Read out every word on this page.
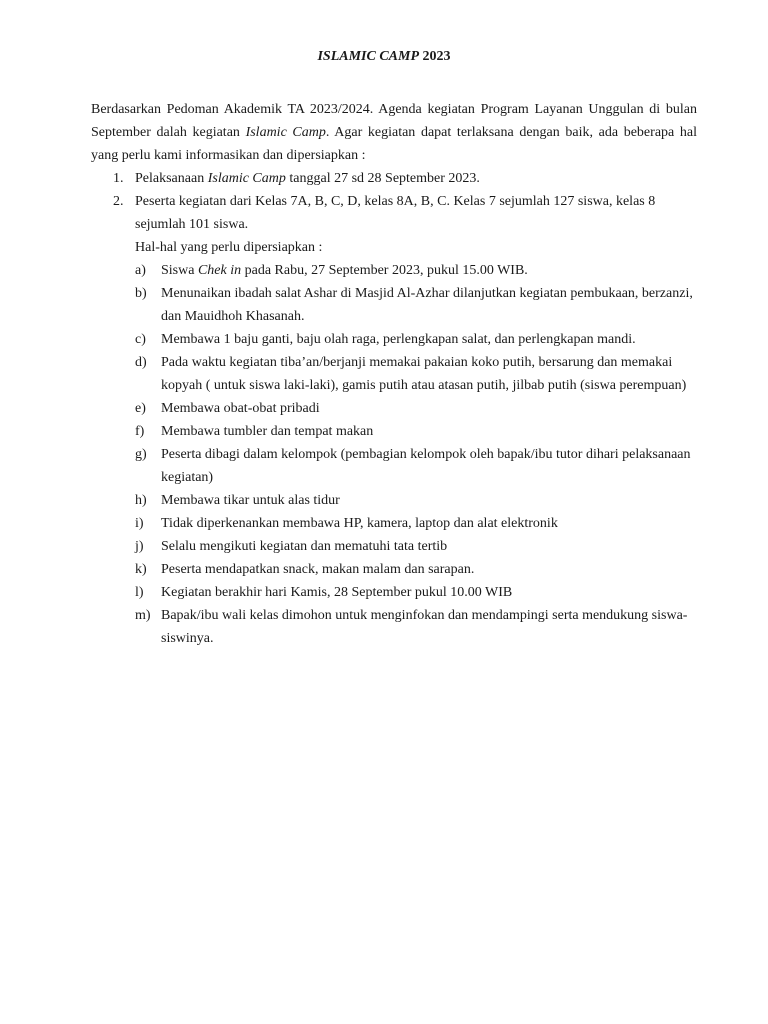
ISLAMIC CAMP 2023
Berdasarkan Pedoman Akademik TA 2023/2024. Agenda kegiatan Program Layanan Unggulan di bulan September dalah kegiatan Islamic Camp. Agar kegiatan dapat terlaksana dengan baik, ada beberapa hal yang perlu kami informasikan dan dipersiapkan :
1. Pelaksanaan Islamic Camp tanggal 27 sd 28 September 2023.
2. Peserta kegiatan dari Kelas 7A, B, C, D, kelas 8A, B, C. Kelas 7 sejumlah 127 siswa, kelas 8 sejumlah 101 siswa.
Hal-hal yang perlu dipersiapkan :
a)	Siswa Chek in pada Rabu, 27 September 2023, pukul 15.00 WIB.
b)	Menunaikan ibadah salat Ashar di Masjid Al-Azhar dilanjutkan kegiatan pembukaan, berzanzi, dan Mauidhoh Khasanah.
c)	Membawa 1 baju ganti, baju olah raga, perlengkapan salat, dan perlengkapan mandi.
d)	Pada waktu kegiatan tiba’an/berjanji memakai pakaian koko putih, bersarung dan memakai kopyah ( untuk siswa laki-laki), gamis putih atau atasan putih, jilbab putih (siswa perempuan)
e)	Membawa obat-obat pribadi
f)	Membawa tumbler dan tempat makan
g)	Peserta dibagi dalam kelompok (pembagian kelompok oleh bapak/ibu tutor dihari pelaksanaan kegiatan)
h)	Membawa tikar untuk alas tidur
i)	Tidak diperkenankan membawa HP, kamera, laptop dan alat elektronik
j)	Selalu mengikuti kegiatan dan mematuhi tata tertib
k)	Peserta mendapatkan snack, makan malam dan sarapan.
l)	Kegiatan berakhir hari Kamis, 28 September pukul 10.00 WIB
m) Bapak/ibu wali kelas dimohon untuk menginfokan dan mendampingi serta mendukung siswa-siswinya.
